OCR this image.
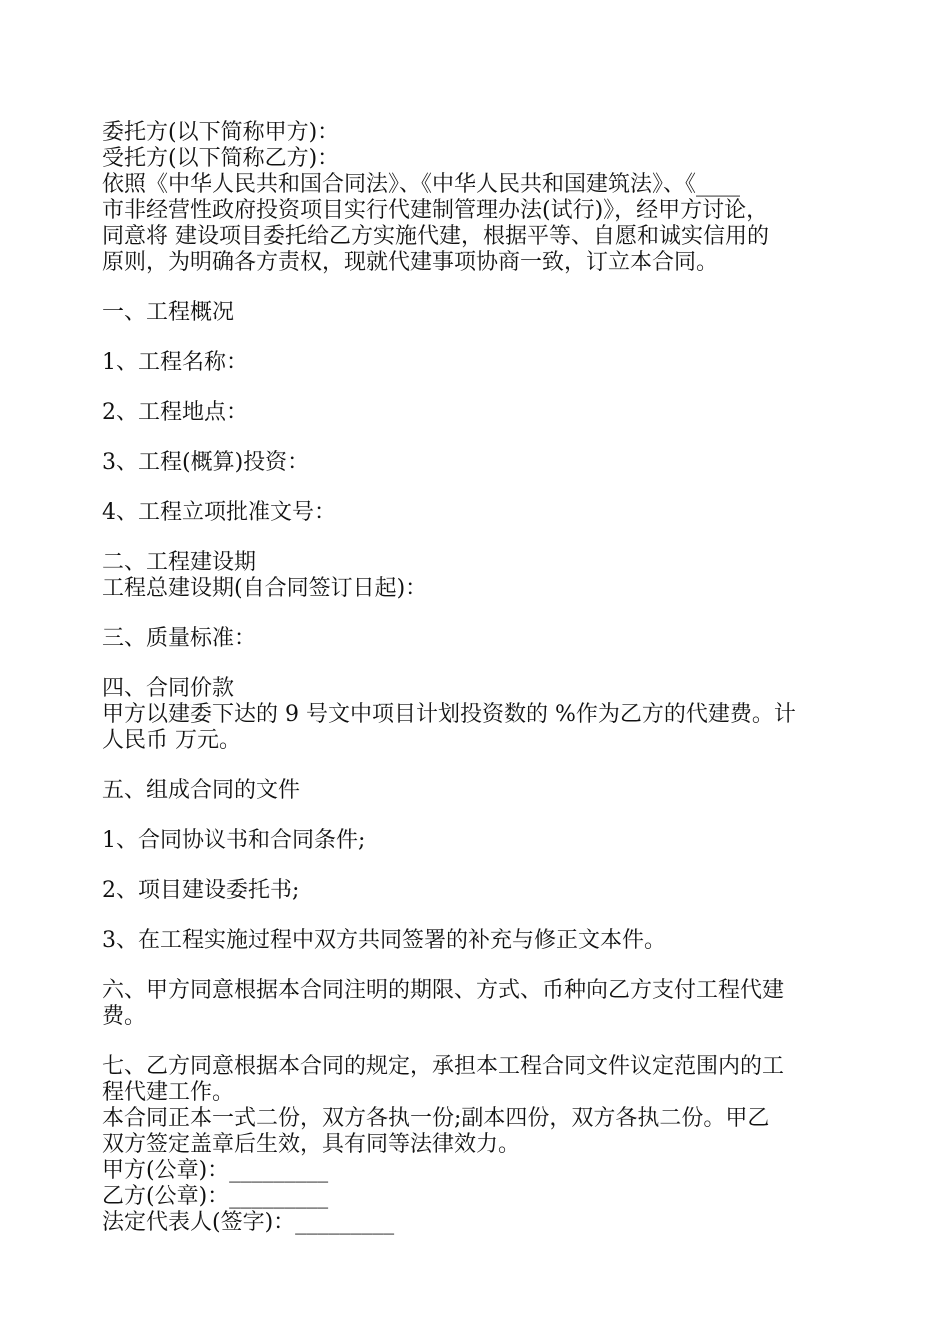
委托方(以下简称甲方)：
受托方(以下简称乙方)：
依照《中华人民共和国合同法》、《中华人民共和国建筑法》、《____
市非经营性政府投资项目实行代建制管理办法(试行)》，经甲方讨论，
同意将 建设项目委托给乙方实施代建，根据平等、自愿和诚实信用的
原则，为明确各方责权，现就代建事项协商一致，订立本合同。
一、工程概况
1、工程名称：
2、工程地点：
3、工程(概算)投资：
4、工程立项批准文号：
二、工程建设期
工程总建设期(自合同签订日起)：
三、质量标准：
四、合同价款
甲方以建委下达的 9 号文中项目计划投资数的 %作为乙方的代建费。计
人民币 万元。
五、组成合同的文件
1、合同协议书和合同条件;
2、项目建设委托书;
3、在工程实施过程中双方共同签署的补充与修正文本件。
六、甲方同意根据本合同注明的期限、方式、币种向乙方支付工程代建
费。
七、乙方同意根据本合同的规定，承担本工程合同文件议定范围内的工
程代建工作。
本合同正本一式二份，双方各执一份;副本四份，双方各执二份。甲乙
双方签定盖章后生效，具有同等法律效力。
甲方(公章)：_________
乙方(公章)：_________
法定代表人(签字)：_________
